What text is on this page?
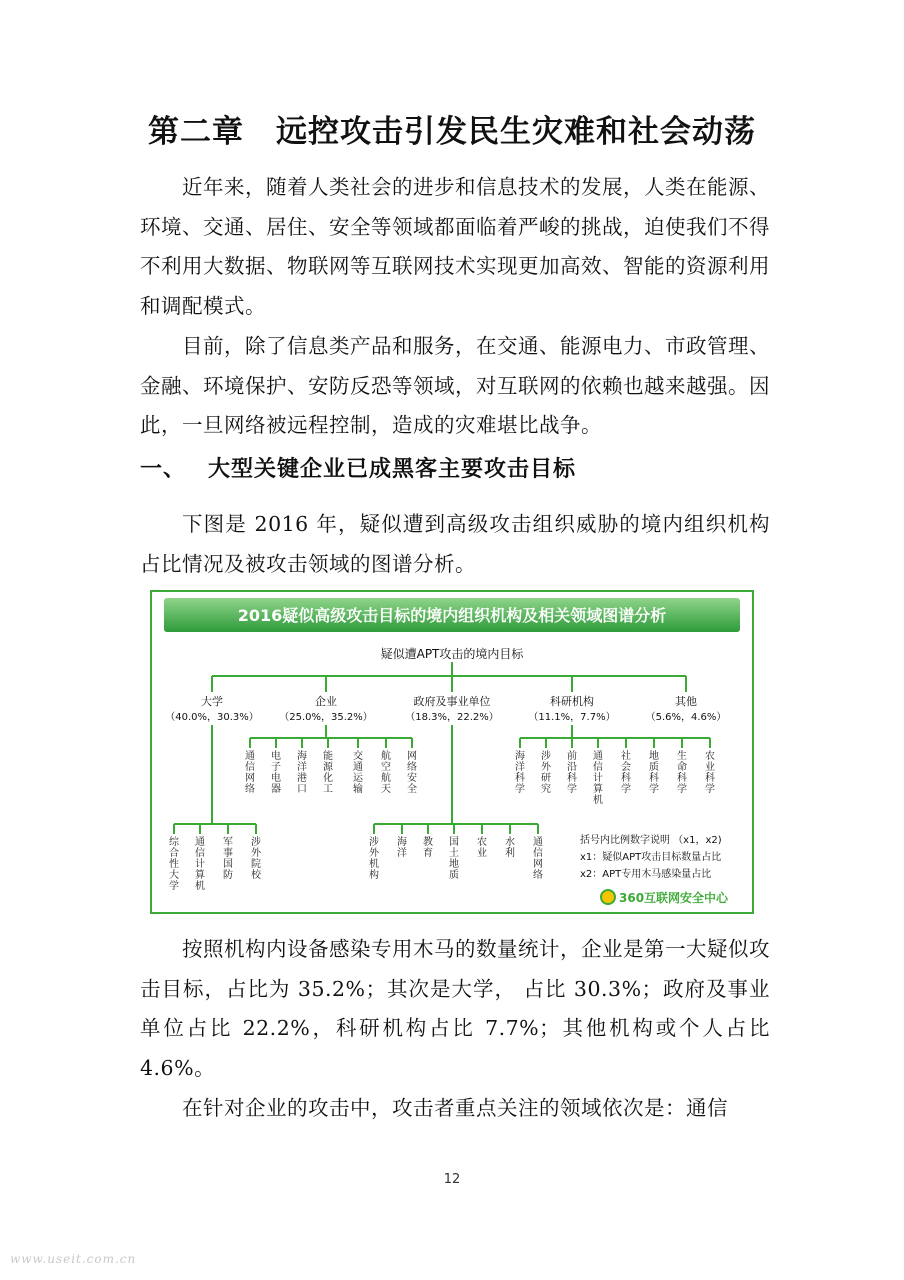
第二章　远控攻击引发民生灾难和社会动荡

近年来，随着人类社会的进步和信息技术的发展，人类在能源、环境、交通、居住、安全等领域都面临着严峻的挑战，迫使我们不得不利用大数据、物联网等互联网技术实现更加高效、智能的资源利用和调配模式。

目前，除了信息类产品和服务，在交通、能源电力、市政管理、金融、环境保护、安防反恐等领域，对互联网的依赖也越来越强。因此，一旦网络被远程控制，造成的灾难堪比战争。

一、 大型关键企业已成黑客主要攻击目标

下图是 2016 年，疑似遭到高级攻击组织威胁的境内组织机构占比情况及被攻击领域的图谱分析。

2016疑似高级攻击目标的境内组织机构及相关领域图谱分析
疑似遭APT攻击的境内目标
大学
（40.0%，30.3%）
企业
（25.0%，35.2%）
政府及事业单位
（18.3%，22.2%）
科研机构
（11.1%，7.7%）
其他
（5.6%，4.6%）
通信网络
电子电器
海洋港口
能源化工
交通运输
航空航天
网络安全
海洋科学
涉外研究
前沿科学
通信计算机
社会科学
地质科学
生命科学
农业科学
综合性大学
通信计算机
军事国防
涉外院校
涉外机构
海洋
教育
国土地质
农业
水利
通信网络
括号内比例数字说明 （x1，x2)
x1：疑似APT攻击目标数量占比
x2：APT专用木马感染量占比
360互联网安全中心

按照机构内设备感染专用木马的数量统计，企业是第一大疑似攻击目标，占比为 35.2%；其次是大学， 占比 30.3%；政府及事业单位占比 22.2%，科研机构占比 7.7%；其他机构或个人占比 4.6%。

在针对企业的攻击中，攻击者重点关注的领域依次是：通信

12
www.useit.com.cn
